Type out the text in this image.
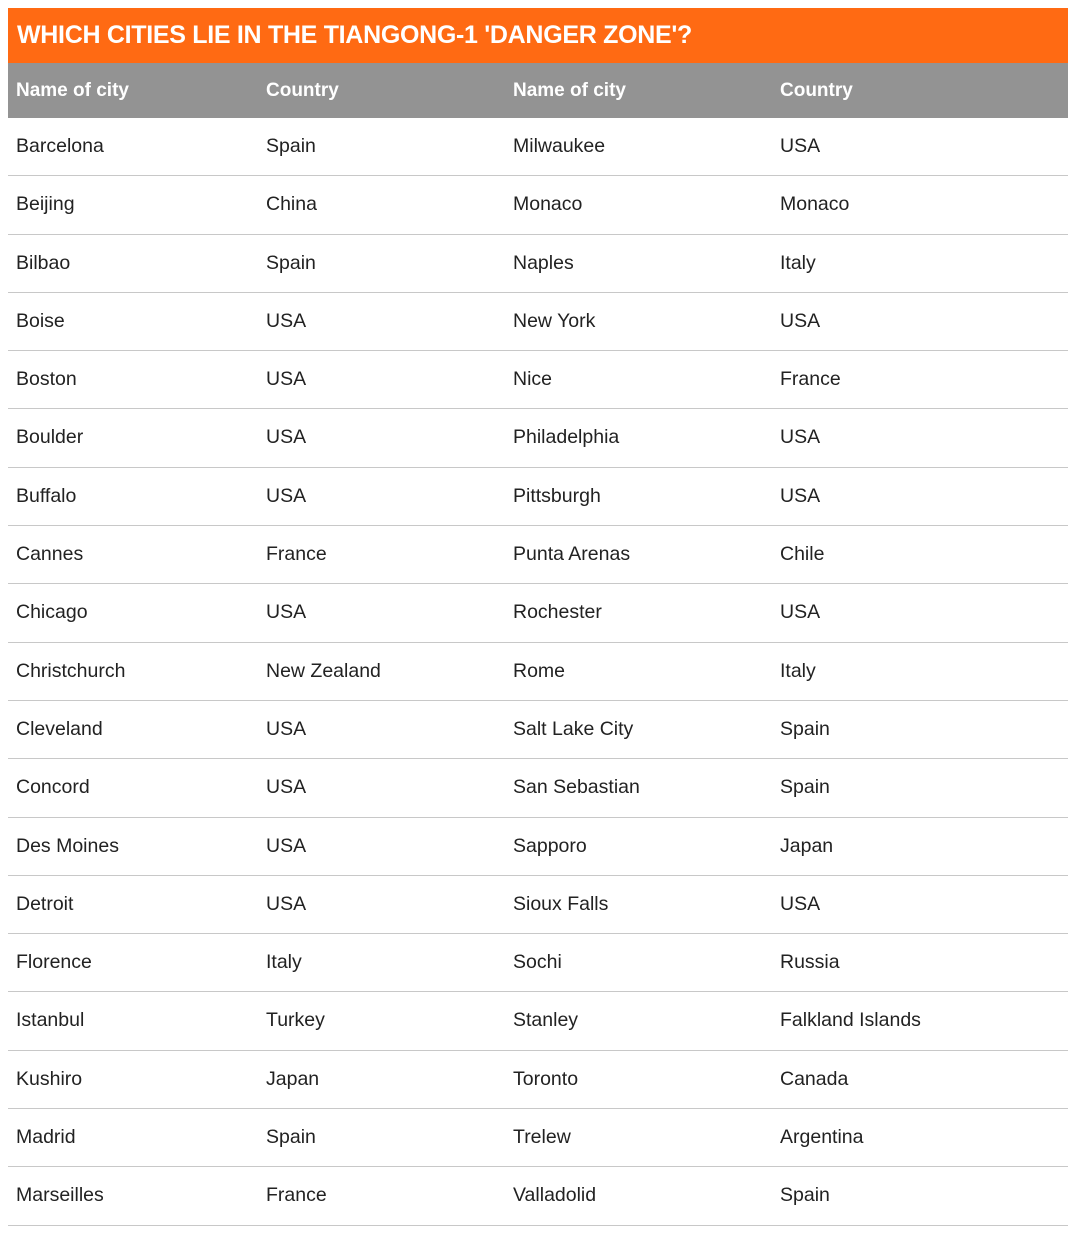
WHICH CITIES LIE IN THE TIANGONG-1 'DANGER ZONE'?
Name of city	Country	Name of city	Country
Barcelona	Spain	Milwaukee	USA
Beijing	China	Monaco	Monaco
Bilbao	Spain	Naples	Italy
Boise	USA	New York	USA
Boston	USA	Nice	France
Boulder	USA	Philadelphia	USA
Buffalo	USA	Pittsburgh	USA
Cannes	France	Punta Arenas	Chile
Chicago	USA	Rochester	USA
Christchurch	New Zealand	Rome	Italy
Cleveland	USA	Salt Lake City	Spain
Concord	USA	San Sebastian	Spain
Des Moines	USA	Sapporo	Japan
Detroit	USA	Sioux Falls	USA
Florence	Italy	Sochi	Russia
Istanbul	Turkey	Stanley	Falkland Islands
Kushiro	Japan	Toronto	Canada
Madrid	Spain	Trelew	Argentina
Marseilles	France	Valladolid	Spain
